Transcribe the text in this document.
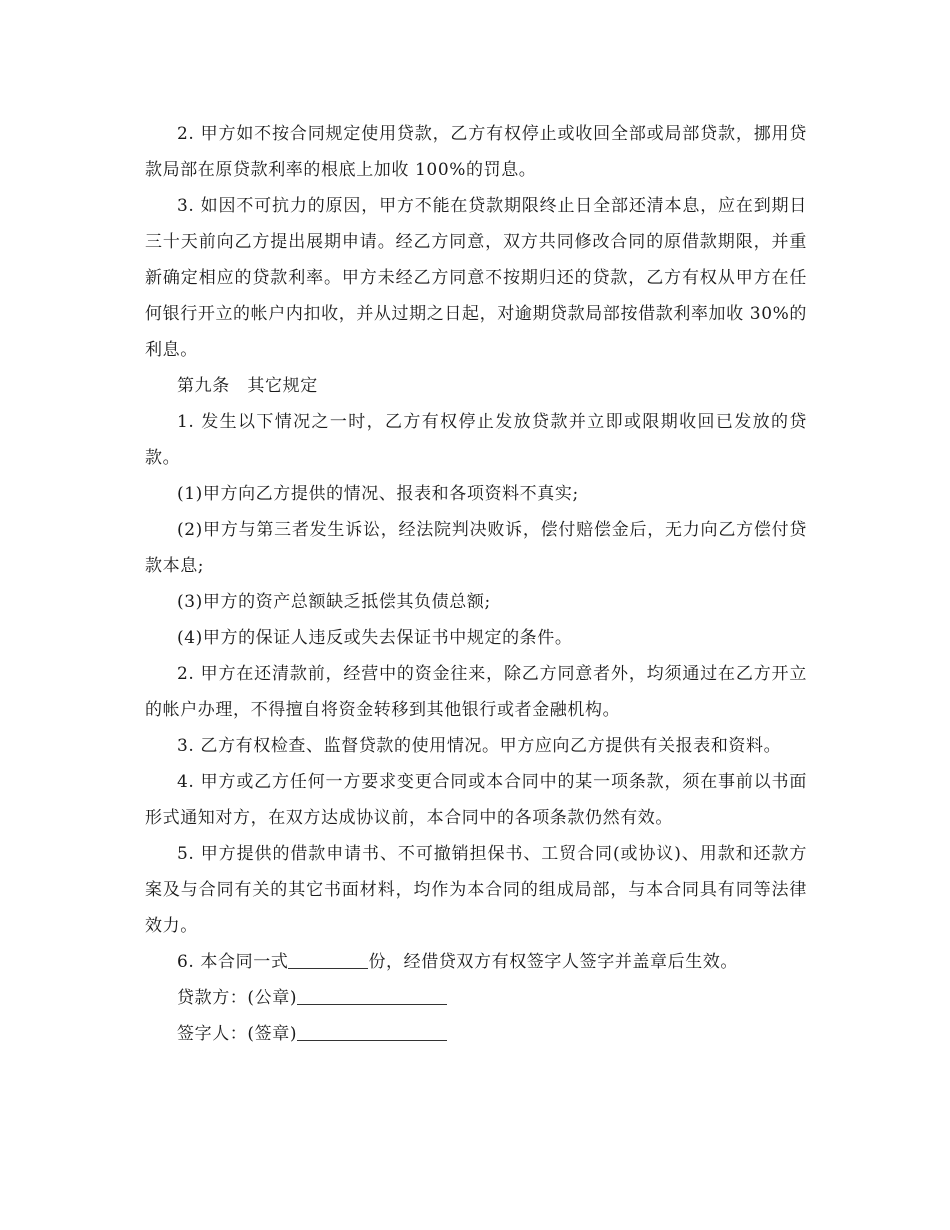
2. 甲方如不按合同规定使用贷款，乙方有权停止或收回全部或局部贷款，挪用贷款局部在原贷款利率的根底上加收 100%的罚息。

3. 如因不可抗力的原因，甲方不能在贷款期限终止日全部还清本息，应在到期日三十天前向乙方提出展期申请。经乙方同意，双方共同修改合同的原借款期限，并重新确定相应的贷款利率。甲方未经乙方同意不按期归还的贷款，乙方有权从甲方在任何银行开立的帐户内扣收，并从过期之日起，对逾期贷款局部按借款利率加收 30%的利息。

第九条　其它规定

1. 发生以下情况之一时，乙方有权停止发放贷款并立即或限期收回已发放的贷款。

(1)甲方向乙方提供的情况、报表和各项资料不真实;

(2)甲方与第三者发生诉讼，经法院判决败诉，偿付赔偿金后，无力向乙方偿付贷款本息;

(3)甲方的资产总额缺乏抵偿其负债总额;

(4)甲方的保证人违反或失去保证书中规定的条件。

2. 甲方在还清款前，经营中的资金往来，除乙方同意者外，均须通过在乙方开立的帐户办理，不得擅自将资金转移到其他银行或者金融机构。

3. 乙方有权检查、监督贷款的使用情况。甲方应向乙方提供有关报表和资料。

4. 甲方或乙方任何一方要求变更合同或本合同中的某一项条款，须在事前以书面形式通知对方，在双方达成协议前，本合同中的各项条款仍然有效。

5. 甲方提供的借款申请书、不可撤销担保书、工贸合同(或协议)、用款和还款方案及与合同有关的其它书面材料，均作为本合同的组成局部，与本合同具有同等法律效力。

6. 本合同一式	份，经借贷双方有权签字人签字并盖章后生效。

贷款方：(公章)

签字人：(签章)
